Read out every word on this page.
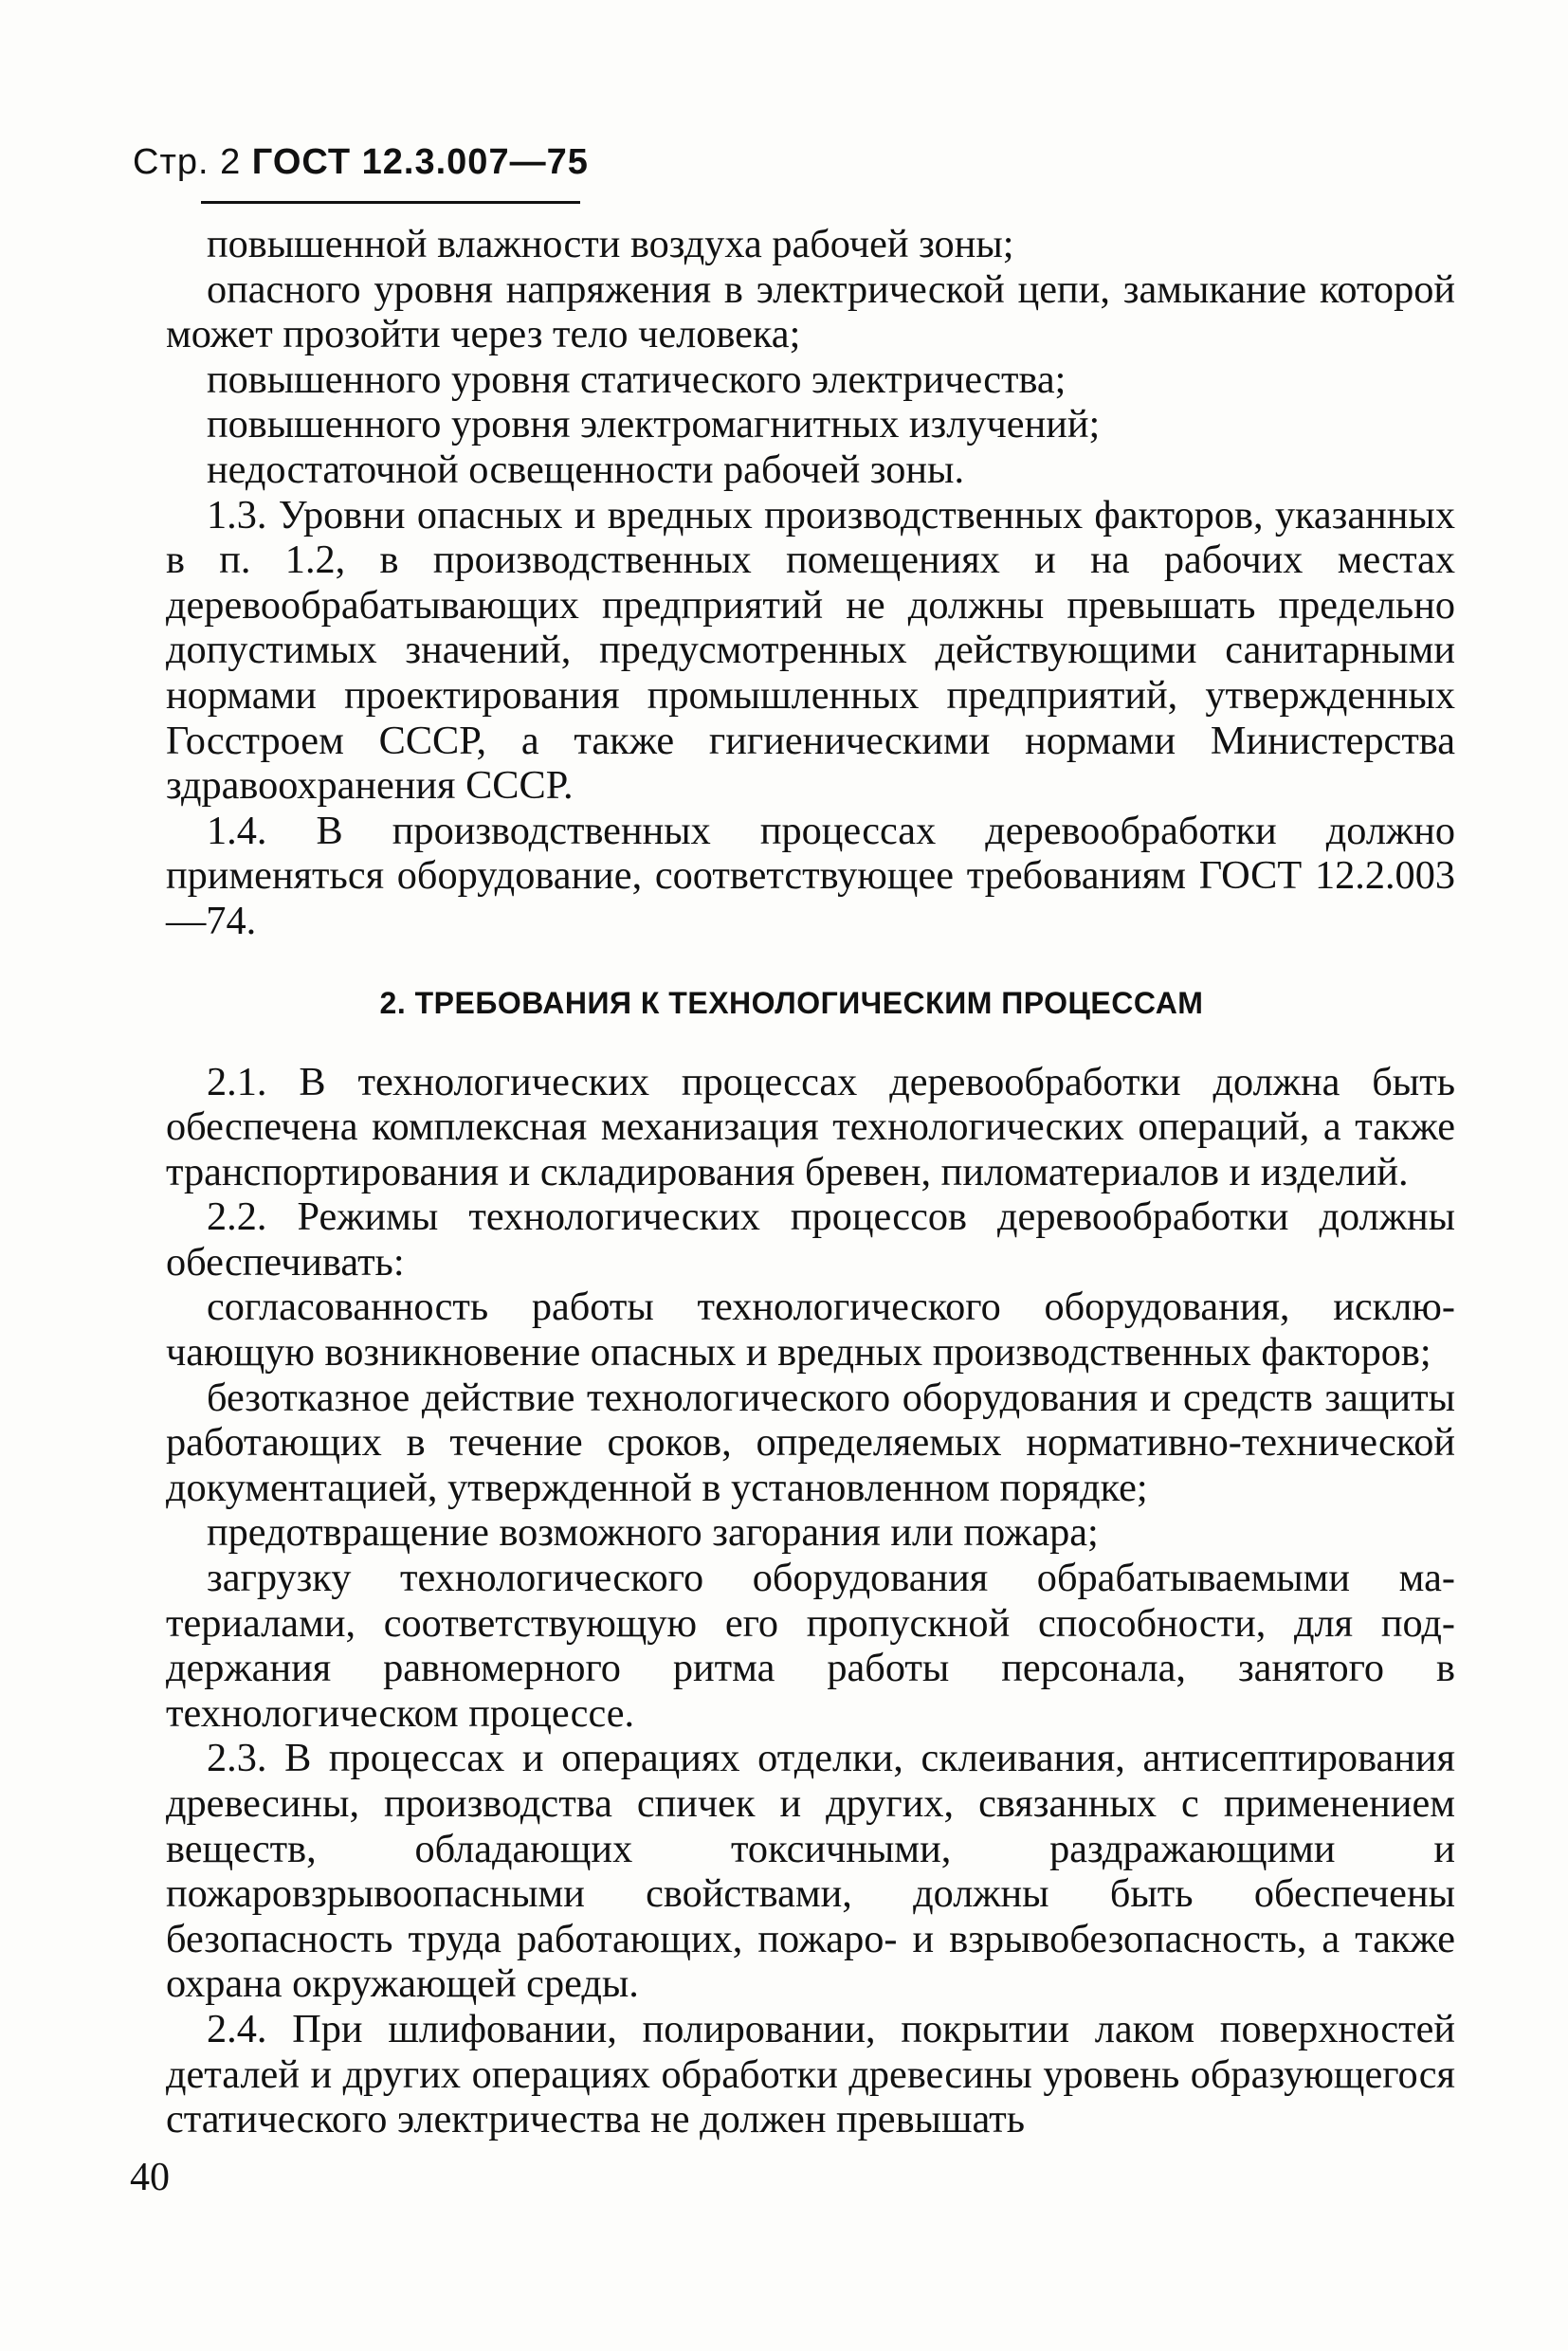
Стр. 2 ГОСТ 12.3.007—75

повышенной влажности воздуха рабочей зоны;

опасного уровня напряжения в электрической цепи, замыкание которой может прозойти через тело человека;

повышенного уровня статического электричества;

повышенного уровня электромагнитных излучений;

недостаточной освещенности рабочей зоны.

1.3. Уровни опасных и вредных производственных факторов, указанных в п. 1.2, в производственных помещениях и на рабочих местах деревообрабатывающих предприятий не должны превышать предельно допустимых значений, предусмотренных действующими санитарными нормами проектирования промышленных предприятий, утвержденных Госстроем СССР, а также гигиеническими нормами Министерства здравоохранения СССР.

1.4. В производственных процессах деревообработки должно применяться оборудование, соответствующее требованиям ГОСТ 12.2.003—74.

2. ТРЕБОВАНИЯ К ТЕХНОЛОГИЧЕСКИМ ПРОЦЕССАМ

2.1. В технологических процессах деревообработки должна быть обеспечена комплексная механизация технологических операций, а также транспортирования и складирования бревен, пиломатериалов и изделий.

2.2. Режимы технологических процессов деревообработки должны обеспечивать:

согласованность работы технологического оборудования, исключающую возникновение опасных и вредных производственных факторов;

безотказное действие технологического оборудования и средств защиты работающих в течение сроков, определяемых нормативно-технической документацией, утвержденной в установленном порядке;

предотвращение возможного загорания или пожара;

загрузку технологического оборудования обрабатываемыми материалами, соответствующую его пропускной способности, для поддержания равномерного ритма работы персонала, занятого в технологическом процессе.

2.3. В процессах и операциях отделки, склеивания, антисептирования древесины, производства спичек и других, связанных с применением веществ, обладающих токсичными, раздражающими и пожаровзрывоопасными свойствами, должны быть обеспечены безопасность труда работающих, пожаро- и взрывобезопасность, а также охрана окружающей среды.

2.4. При шлифовании, полировании, покрытии лаком поверхностей деталей и других операциях обработки древесины уровень образующегося статического электричества не должен превышать

40
